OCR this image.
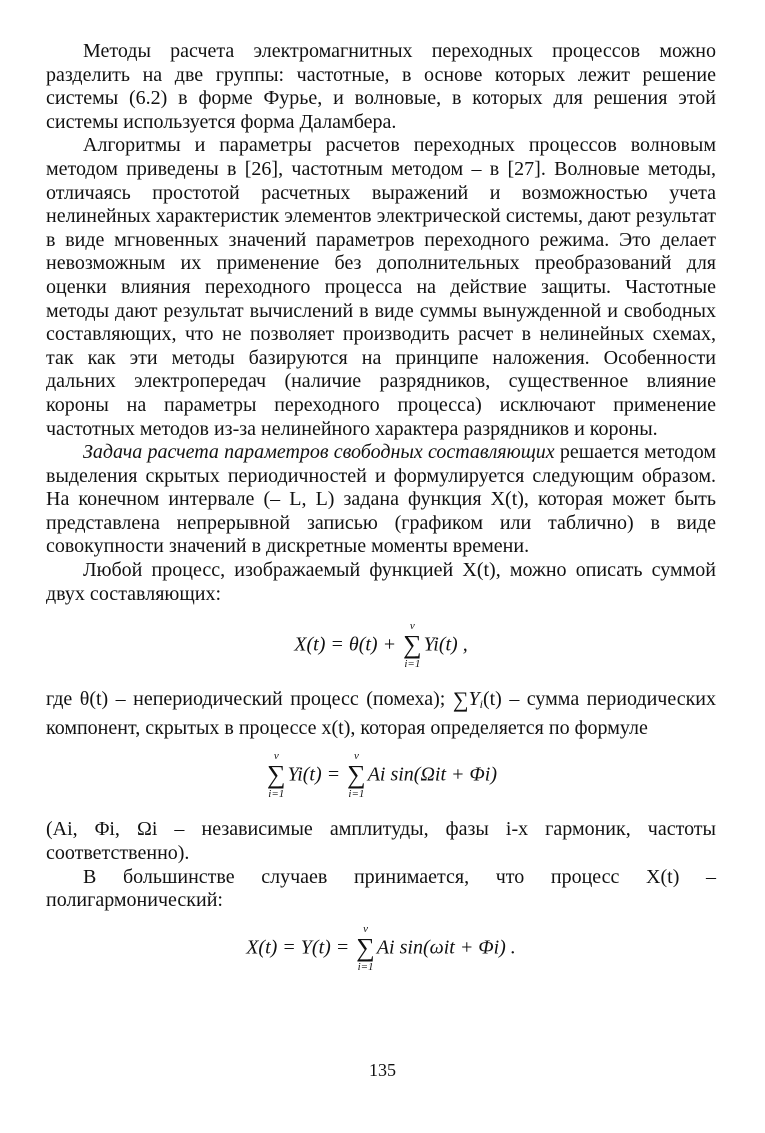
Методы расчета электромагнитных переходных процессов можно разделить на две группы: частотные, в основе которых лежит решение системы (6.2) в форме Фурье, и волновые, в которых для решения этой системы используется форма Даламбера.

Алгоритмы и параметры расчетов переходных процессов волновым методом приведены в [26], частотным методом – в [27]. Волновые методы, отличаясь простотой расчетных выражений и возможностью учета нелинейных характеристик элементов электрической системы, дают результат в виде мгновенных значений параметров переходного режима. Это делает невозможным их применение без дополнительных преобразований для оценки влияния переходного процесса на действие защиты. Частотные методы дают результат вычислений в виде суммы вынужденной и свободных составляющих, что не позволяет производить расчет в нелинейных схемах, так как эти методы базируются на принципе наложения. Особенности дальних электропередач (наличие разрядников, существенное влияние короны на параметры переходного процесса) исключают применение частотных методов из-за нелинейного характера разрядников и короны.

Задача расчета параметров свободных составляющих решается методом выделения скрытых периодичностей и формулируется следующим образом. На конечном интервале (– L, L) задана функция X(t), которая может быть представлена непрерывной записью (графиком или таблично) в виде совокупности значений в дискретные моменты времени.

Любой процесс, изображаемый функцией X(t), можно описать суммой двух составляющих:

X(t) = θ(t) +
v
∑
i=1
Yi(t) ,

где θ(t) – непериодический процесс (помеха); $\sum Y_i(t)$ – сумма периодических компонент, скрытых в процессе x(t), которая определяется по формуле

v
∑
i=1
Yi(t) =
v
∑
i=1
Ai sin(Ωit + Φi)

(Ai, Φi, Ωi – независимые амплитуды, фазы i-х гармоник, частоты соответственно).

В большинстве случаев принимается, что процесс X(t) – полигармонический:

X(t) = Y(t) =
v
∑
i=1
Ai sin(ωit + Φi) .
135
